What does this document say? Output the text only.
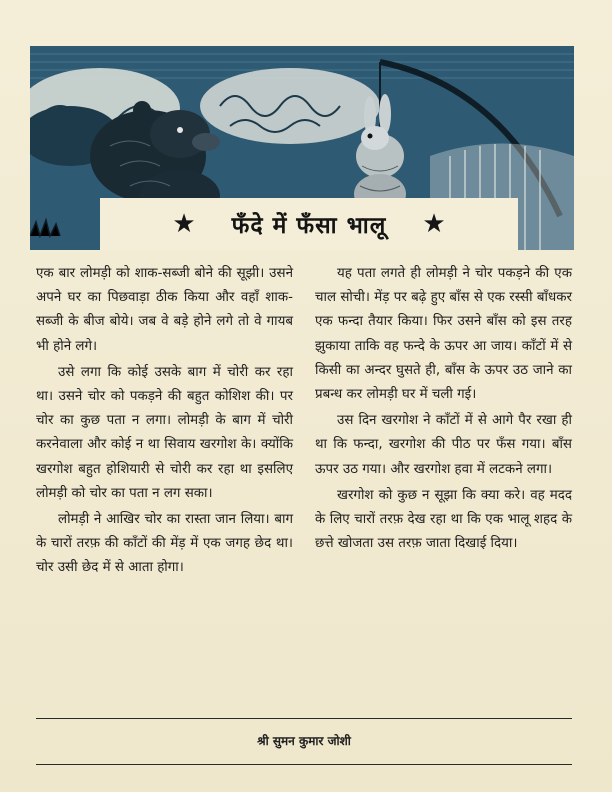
★ फँदे में फँसा भालू ★

एक बार लोमड़ी को शाक-सब्जी बोने की सूझी। उसने अपने घर का पिछवाड़ा ठीक किया और वहाँ शाक-सब्जी के बीज बोये। जब वे बड़े होने लगे तो वे गायब भी होने लगे।

उसे लगा कि कोई उसके बाग में चोरी कर रहा था। उसने चोर को पकड़ने की बहुत कोशिश की। पर चोर का कुछ पता न लगा। लोमड़ी के बाग में चोरी करनेवाला और कोई न था सिवाय खरगोश के। क्योंकि खरगोश बहुत होशियारी से चोरी कर रहा था इसलिए लोमड़ी को चोर का पता न लग सका।

लोमड़ी ने आखिर चोर का रास्ता जान लिया। बाग के चारों तरफ़ की काँटों की मेंड़ में एक जगह छेद था। चोर उसी छेद में से आता होगा।

यह पता लगते ही लोमड़ी ने चोर पकड़ने की एक चाल सोची। मेंड़ पर बढ़े हुए बाँस से एक रस्सी बाँधकर एक फन्दा तैयार किया। फिर उसने बाँस को इस तरह झुकाया ताकि वह फन्दे के ऊपर आ जाय। काँटों में से किसी का अन्दर घुसते ही, बाँस के ऊपर उठ जाने का प्रबन्ध कर लोमड़ी घर में चली गई।

उस दिन खरगोश ने काँटों में से आगे पैर रखा ही था कि फन्दा, खरगोश की पीठ पर फँस गया। बाँस ऊपर उठ गया। और खरगोश हवा में लटकने लगा।

खरगोश को कुछ न सूझा कि क्या करे। वह मदद के लिए चारों तरफ़ देख रहा था कि एक भालू शहद के छत्ते खोजता उस तरफ़ जाता दिखाई दिया।

श्री सुमन कुमार जोशी
